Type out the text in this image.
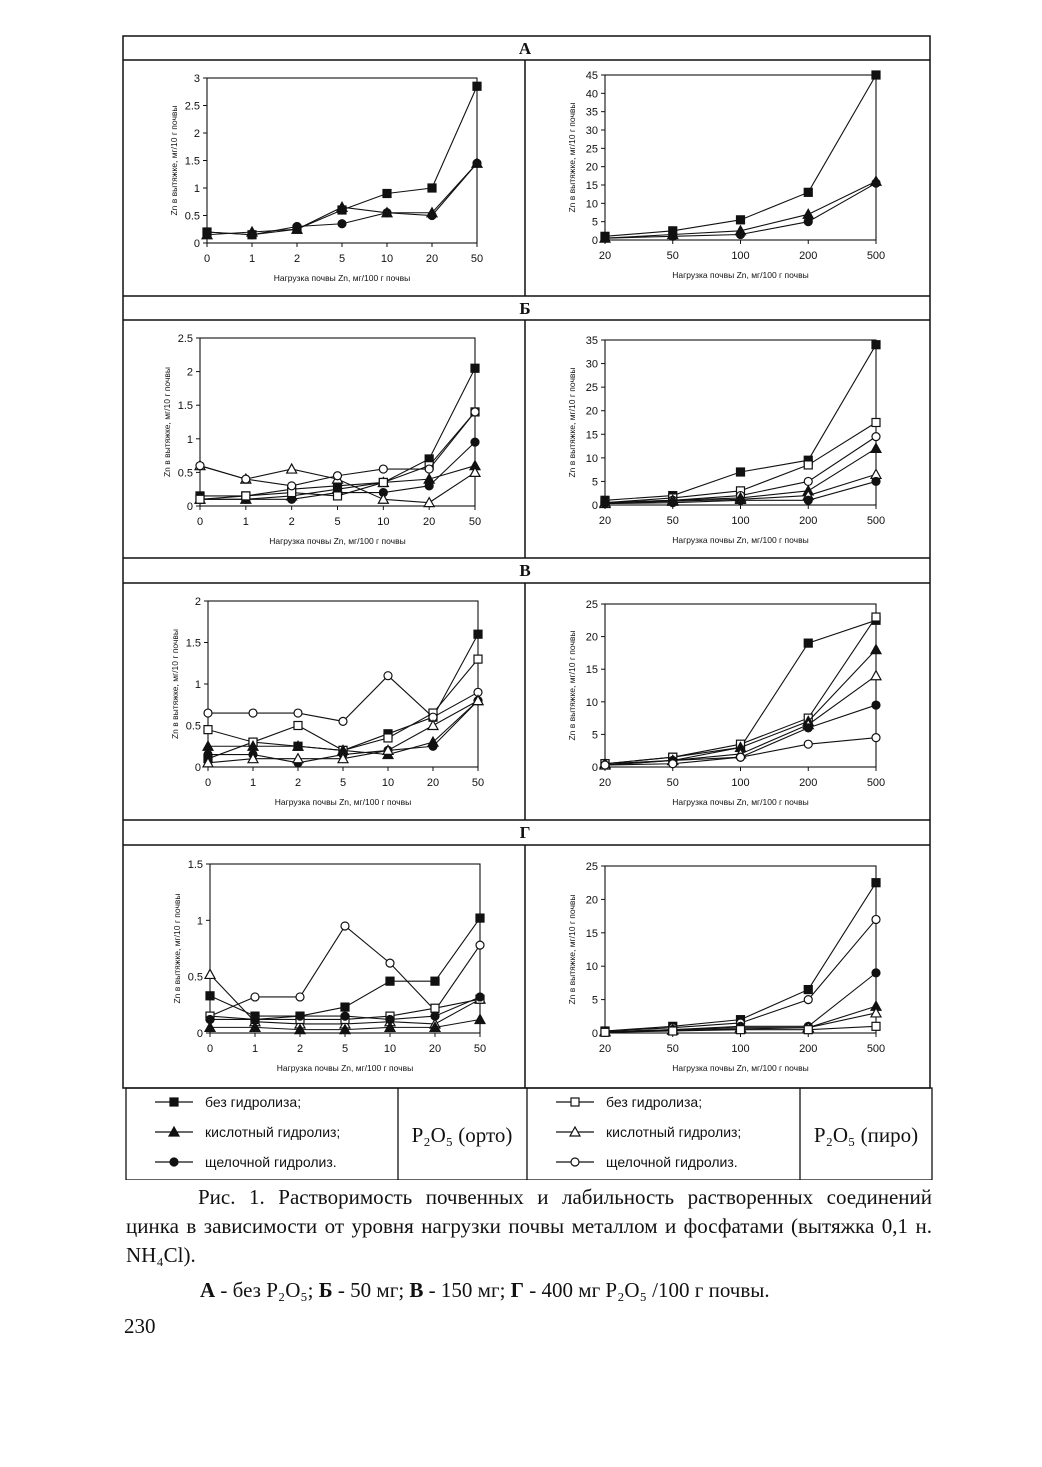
А
Б
В
Г
0
0.5
1
1.5
2
2.5
3
0	1	2	5	10	20	50
Нагрузка почвы Zn, мг/100 г почвы
Zn в вытяжке, мг/10 г почвы
0
5
10
15
20
25
30
35
40
45
20	50	100	200	500
Нагрузка почвы Zn, мг/100 г почвы
Zn в вытяжке, мг/10 г почвы
0
0.5
1
1.5
2
2.5
0	1	2	5	10	20	50
Нагрузка почвы Zn, мг/100 г почвы
Zn в вытяжке, мг/10 г почвы
0
5
10
15
20
25
30
35
20	50	100	200	500
Нагрузка почвы Zn, мг/100 г почвы
Zn в вытяжке, мг/10 г почвы
0
0.5
1
1.5
2
0	1	2	5	10	20	50
Нагрузка почвы Zn, мг/100 г почвы
Zn в вытяжке, мг/10 г почвы
0
5
10
15
20
25
20	50	100	200	500
Нагрузка почвы Zn, мг/100 г почвы
Zn в вытяжке, мг/10 г почвы
0
0.5
1
1.5
0	1	2	5	10	20	50
Нагрузка почвы Zn, мг/100 г почвы
Zn в вытяжке, мг/10 г почвы
0
5
10
15
20
25
20	50	100	200	500
Нагрузка почвы Zn, мг/100 г почвы
Zn в вытяжке, мг/10 г почвы
без гидролиза;
кислотный гидролиз;
щелочной гидролиз.
без гидролиза;
кислотный гидролиз;
щелочной гидролиз.
P₂O₅ (орто)	P₂O₅ (пиро)
Рис. 1. Растворимость почвенных и лабильность растворенных соединений цинка в зависимости от уровня нагрузки почвы металлом и фосфатами (вытяжка 0,1 н. NH₄Cl).
А - без P₂O₅; Б - 50 мг; В - 150 мг; Г - 400 мг P₂O₅ /100 г почвы.
230
